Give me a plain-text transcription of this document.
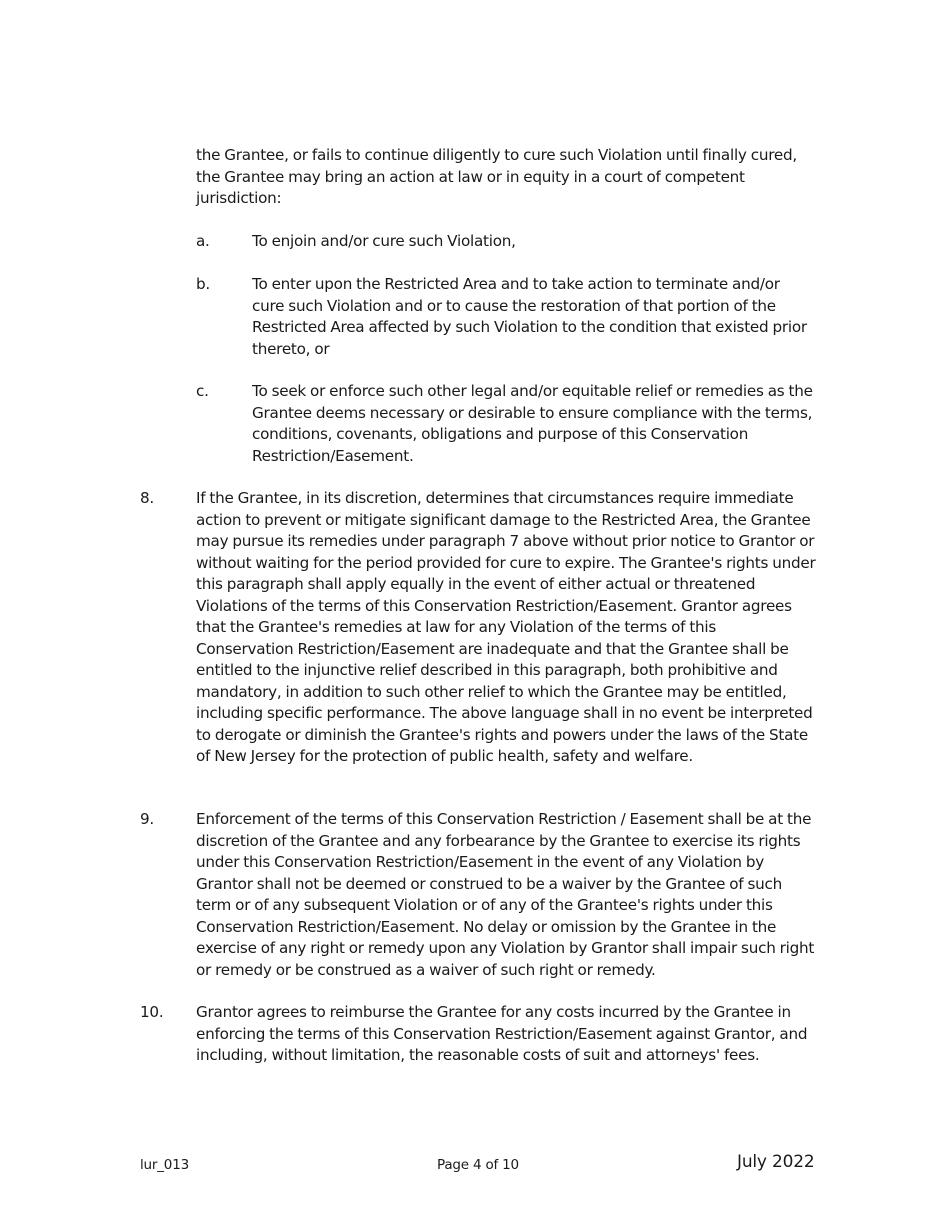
the Grantee, or fails to continue diligently to cure such Violation until finally cured, the Grantee may bring an action at law or in equity in a court of competent jurisdiction:

a.	To enjoin and/or cure such Violation,
b.	To enter upon the Restricted Area and to take action to terminate and/or cure such Violation and or to cause the restoration of that portion of the Restricted Area affected by such Violation to the condition that existed prior thereto, or
c.	To seek or enforce such other legal and/or equitable relief or remedies as the Grantee deems necessary or desirable to ensure compliance with the terms, conditions, covenants, obligations and purpose of this Conservation Restriction/Easement.
8.	If the Grantee, in its discretion, determines that circumstances require immediate action to prevent or mitigate significant damage to the Restricted Area, the Grantee may pursue its remedies under paragraph 7 above without prior notice to Grantor or without waiting for the period provided for cure to expire. The Grantee's rights under this paragraph shall apply equally in the event of either actual or threatened Violations of the terms of this Conservation Restriction/Easement. Grantor agrees that the Grantee's remedies at law for any Violation of the terms of this Conservation Restriction/Easement are inadequate and that the Grantee shall be entitled to the injunctive relief described in this paragraph, both prohibitive and mandatory, in addition to such other relief to which the Grantee may be entitled, including specific performance. The above language shall in no event be interpreted to derogate or diminish the Grantee's rights and powers under the laws of the State of New Jersey for the protection of public health, safety and welfare.
9.	Enforcement of the terms of this Conservation Restriction / Easement shall be at the discretion of the Grantee and any forbearance by the Grantee to exercise its rights under this Conservation Restriction/Easement in the event of any Violation by Grantor shall not be deemed or construed to be a waiver by the Grantee of such term or of any subsequent Violation or of any of the Grantee's rights under this Conservation Restriction/Easement. No delay or omission by the Grantee in the exercise of any right or remedy upon any Violation by Grantor shall impair such right or remedy or be construed as a waiver of such right or remedy.
10. Grantor agrees to reimburse the Grantee for any costs incurred by the Grantee in enforcing the terms of this Conservation Restriction/Easement against Grantor, and including, without limitation, the reasonable costs of suit and attorneys' fees.
lur_013	Page 4 of 10	July 2022
